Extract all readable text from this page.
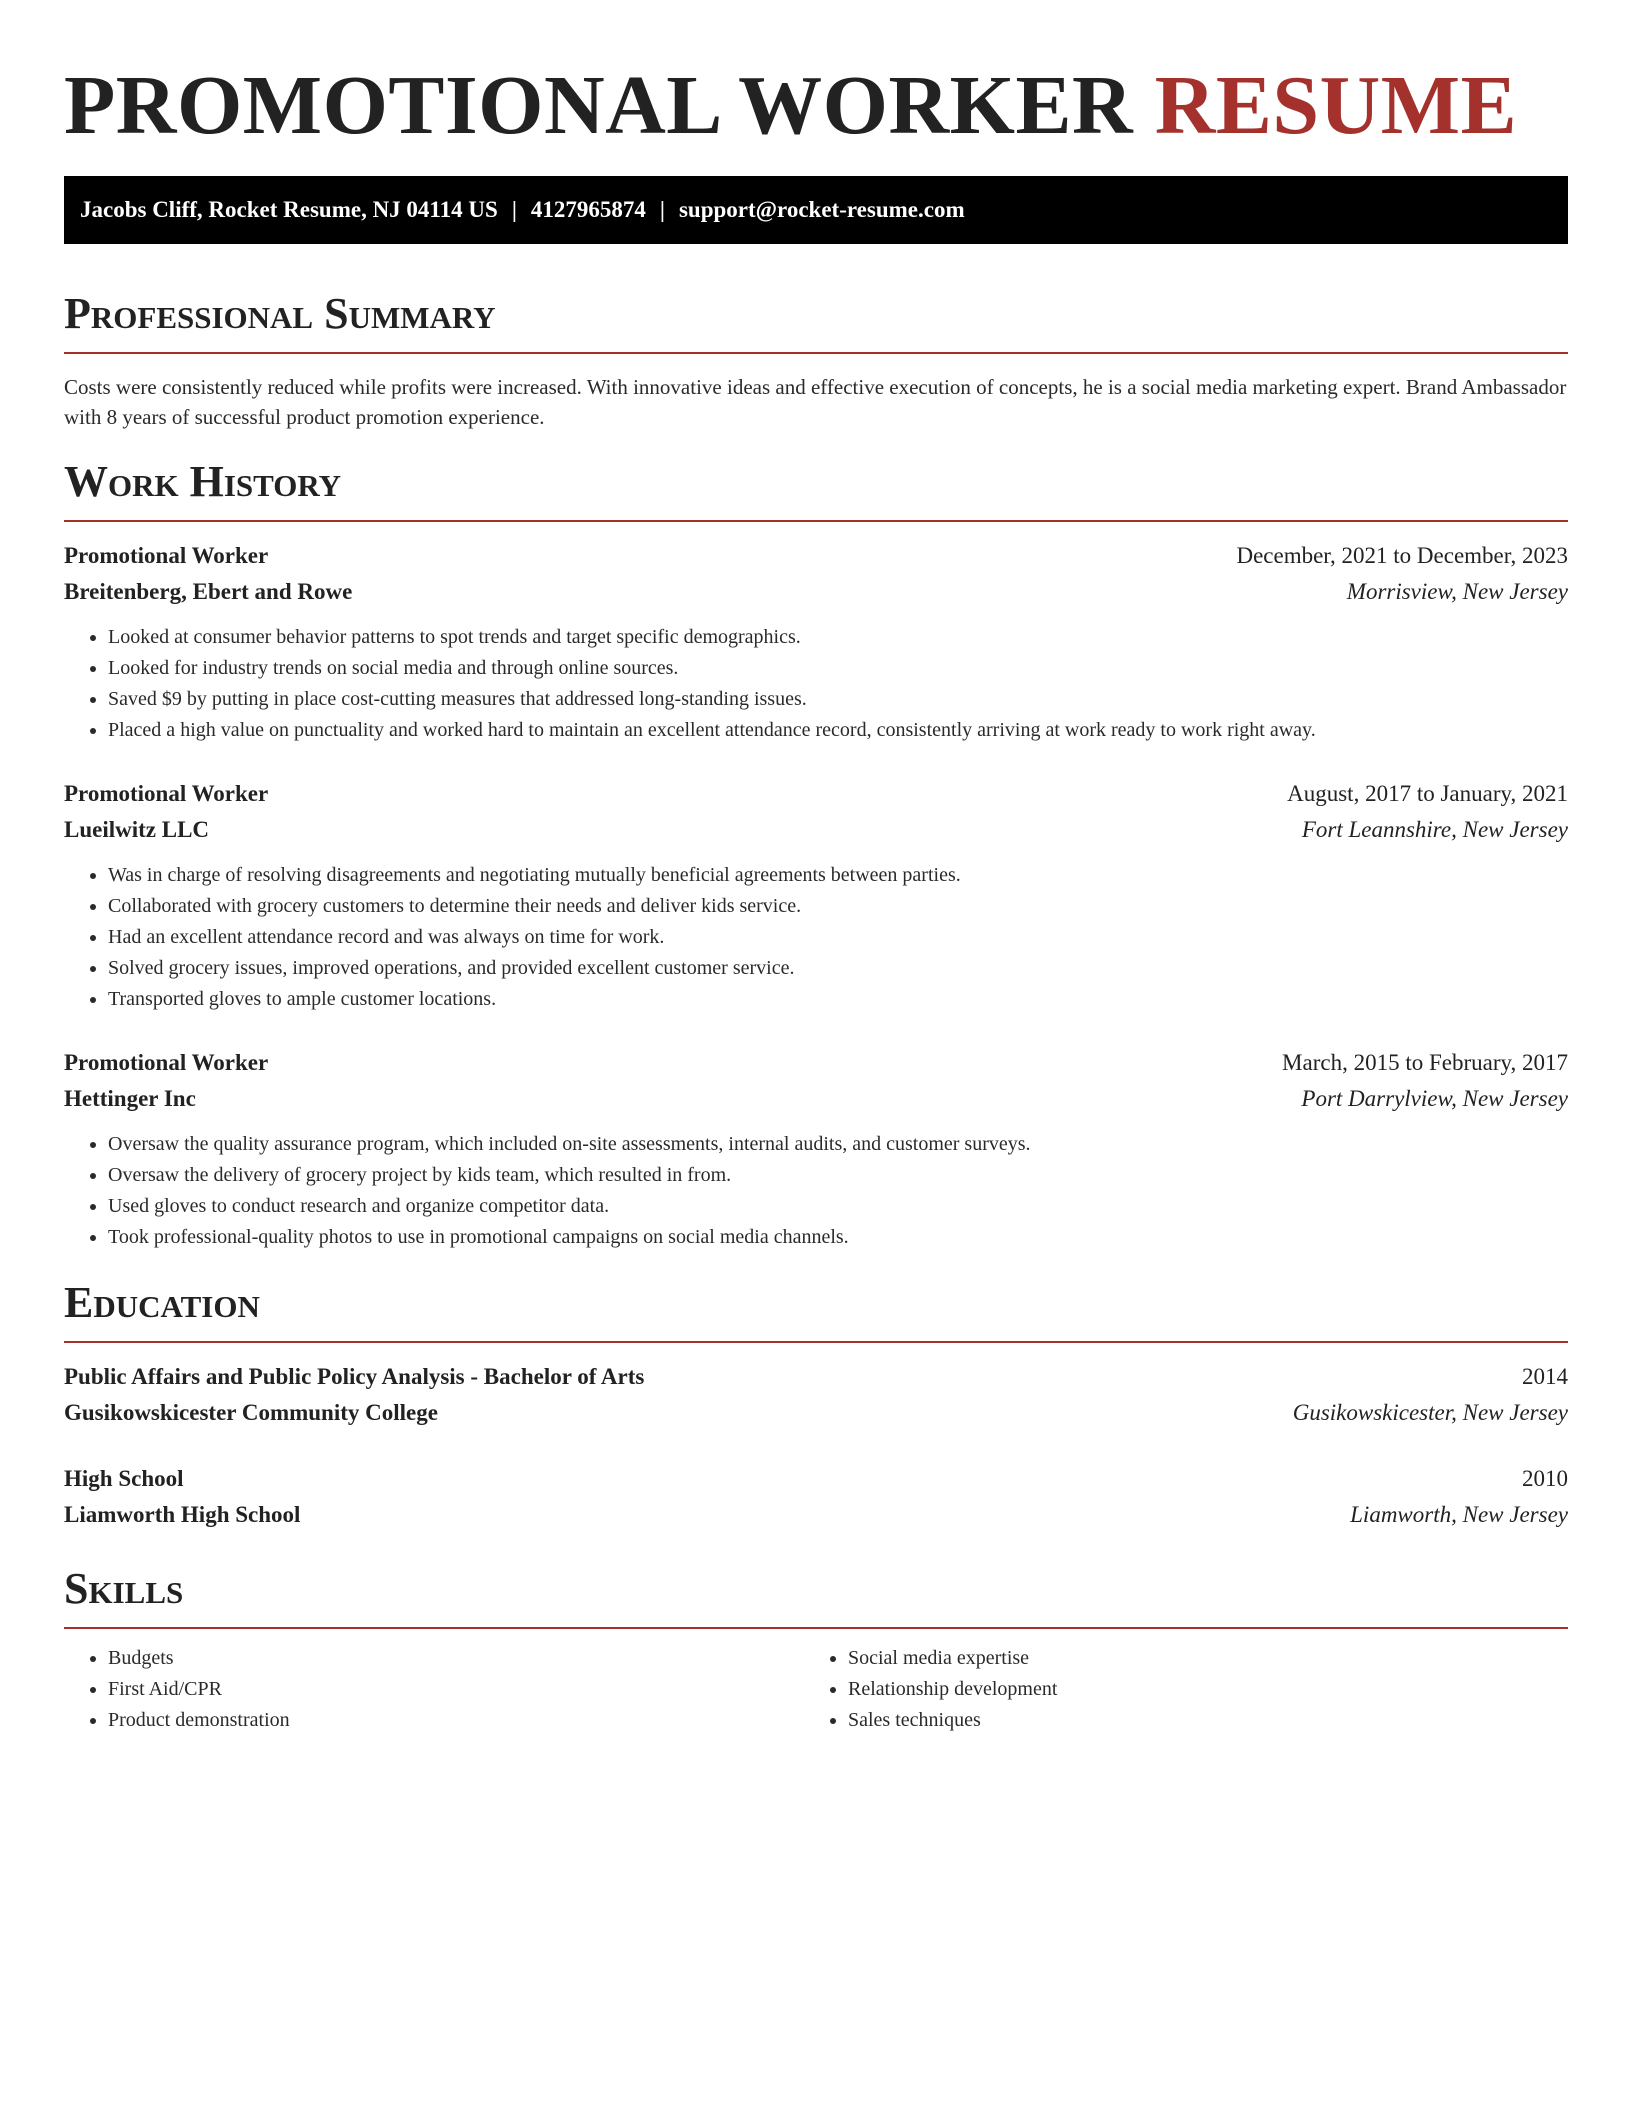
PROMOTIONAL WORKER RESUME
Jacobs Cliff, Rocket Resume, NJ 04114 US | 4127965874 | support@rocket-resume.com
Professional Summary

Costs were consistently reduced while profits were increased. With innovative ideas and effective execution of concepts, he is a social media marketing expert. Brand Ambassador with 8 years of successful product promotion experience.

Work History
Promotional Worker	December, 2021 to December, 2023
Breitenberg, Ebert and Rowe	Morrisview, New Jersey
• Looked at consumer behavior patterns to spot trends and target specific demographics.
• Looked for industry trends on social media and through online sources.
• Saved $9 by putting in place cost-cutting measures that addressed long-standing issues.
• Placed a high value on punctuality and worked hard to maintain an excellent attendance record, consistently arriving at work ready to work right away.
Promotional Worker	August, 2017 to January, 2021
Lueilwitz LLC	Fort Leannshire, New Jersey
• Was in charge of resolving disagreements and negotiating mutually beneficial agreements between parties.
• Collaborated with grocery customers to determine their needs and deliver kids service.
• Had an excellent attendance record and was always on time for work.
• Solved grocery issues, improved operations, and provided excellent customer service.
• Transported gloves to ample customer locations.
Promotional Worker	March, 2015 to February, 2017
Hettinger Inc	Port Darrylview, New Jersey
• Oversaw the quality assurance program, which included on-site assessments, internal audits, and customer surveys.
• Oversaw the delivery of grocery project by kids team, which resulted in from.
• Used gloves to conduct research and organize competitor data.
• Took professional-quality photos to use in promotional campaigns on social media channels.
Education
Public Affairs and Public Policy Analysis - Bachelor of Arts	2014
Gusikowskicester Community College	Gusikowskicester, New Jersey
High School	2010
Liamworth High School	Liamworth, New Jersey
Skills
• Budgets
• First Aid/CPR
• Product demonstration
• Social media expertise
• Relationship development
• Sales techniques
